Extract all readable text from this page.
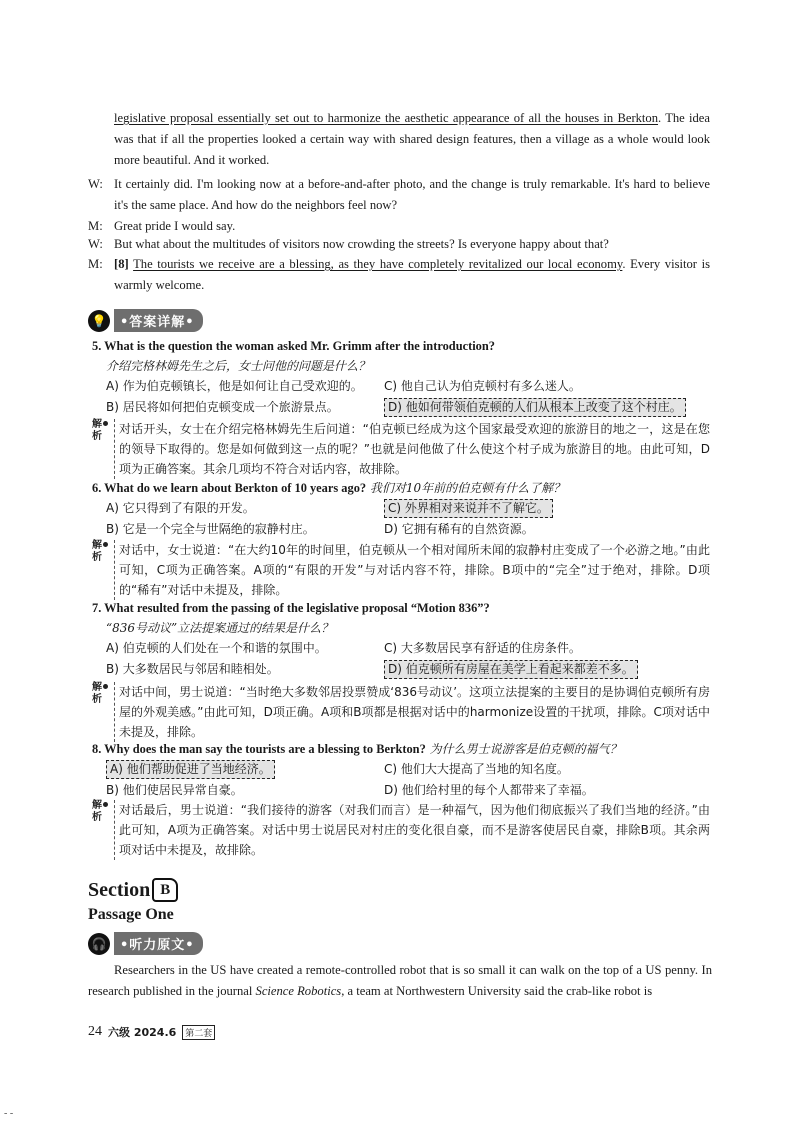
legislative proposal essentially set out to harmonize the aesthetic appearance of all the houses in Berkton. The idea was that if all the properties looked a certain way with shared design features, then a village as a whole would look more beautiful. And it worked.
W: It certainly did. I'm looking now at a before-and-after photo, and the change is truly remarkable. It's hard to believe it's the same place. And how do the neighbors feel now?
M: Great pride I would say.
W: But what about the multitudes of visitors now crowding the streets? Is everyone happy about that?
M: [8] The tourists we receive are a blessing, as they have completely revitalized our local economy. Every visitor is warmly welcome.
💡	•答案详解•
5. What is the question the woman asked Mr. Grimm after the introduction?
介绍完格林姆先生之后，女士问他的问题是什么？
A) 作为伯克顿镇长，他是如何让自己受欢迎的。	C) 他自己认为伯克顿村有多么迷人。
B) 居民将如何把伯克顿变成一个旅游景点。	D) 他如何带领伯克顿的人们从根本上改变了这个村庄。
解析
对话开头，女士在介绍完格林姆先生后问道：“伯克顿已经成为这个国家最受欢迎的旅游目的地之一，这是在您的领导下取得的。您是如何做到这一点的呢？”也就是问他做了什么使这个村子成为旅游目的地。由此可知，D项为正确答案。其余几项均不符合对话内容，故排除。
6. What do we learn about Berkton of 10 years ago? 我们对10年前的伯克顿有什么了解？
A) 它只得到了有限的开发。	C) 外界相对来说并不了解它。
B) 它是一个完全与世隔绝的寂静村庄。	D) 它拥有稀有的自然资源。
解析
对话中，女士说道：“在大约10年的时间里，伯克顿从一个相对闻所未闻的寂静村庄变成了一个必游之地。”由此可知，C项为正确答案。A项的“有限的开发”与对话内容不符，排除。B项中的“完全”过于绝对，排除。D项的“稀有”对话中未提及，排除。
7. What resulted from the passing of the legislative proposal “Motion 836”?
“836号动议”立法提案通过的结果是什么？
A) 伯克顿的人们处在一个和谐的氛围中。	C) 大多数居民享有舒适的住房条件。
B) 大多数居民与邻居和睦相处。	D) 伯克顿所有房屋在美学上看起来都差不多。
解析
对话中间，男士说道：“当时绝大多数邻居投票赞成‘836号动议’。这项立法提案的主要目的是协调伯克顿所有房屋的外观美感。”由此可知，D项正确。A项和B项都是根据对话中的harmonize设置的干扰项，排除。C项对话中未提及，排除。
8. Why does the man say the tourists are a blessing to Berkton? 为什么男士说游客是伯克顿的福气？
A) 他们帮助促进了当地经济。	C) 他们大大提高了当地的知名度。
B) 他们使居民异常自豪。	D) 他们给村里的每个人都带来了幸福。
解析
对话最后，男士说道：“我们接待的游客（对我们而言）是一种福气，因为他们彻底振兴了我们当地的经济。”由此可知，A项为正确答案。对话中男士说居民对村庄的变化很自豪，而不是游客使居民自豪，排除B项。其余两项对话中未提及，故排除。
Section B
Passage One
🎧	•听力原文•
Researchers in the US have created a remote-controlled robot that is so small it can walk on the top of a US penny. In research published in the journal Science Robotics, a team at Northwestern University said the crab-like robot is
24 六级 2024.6	第二套
- -
